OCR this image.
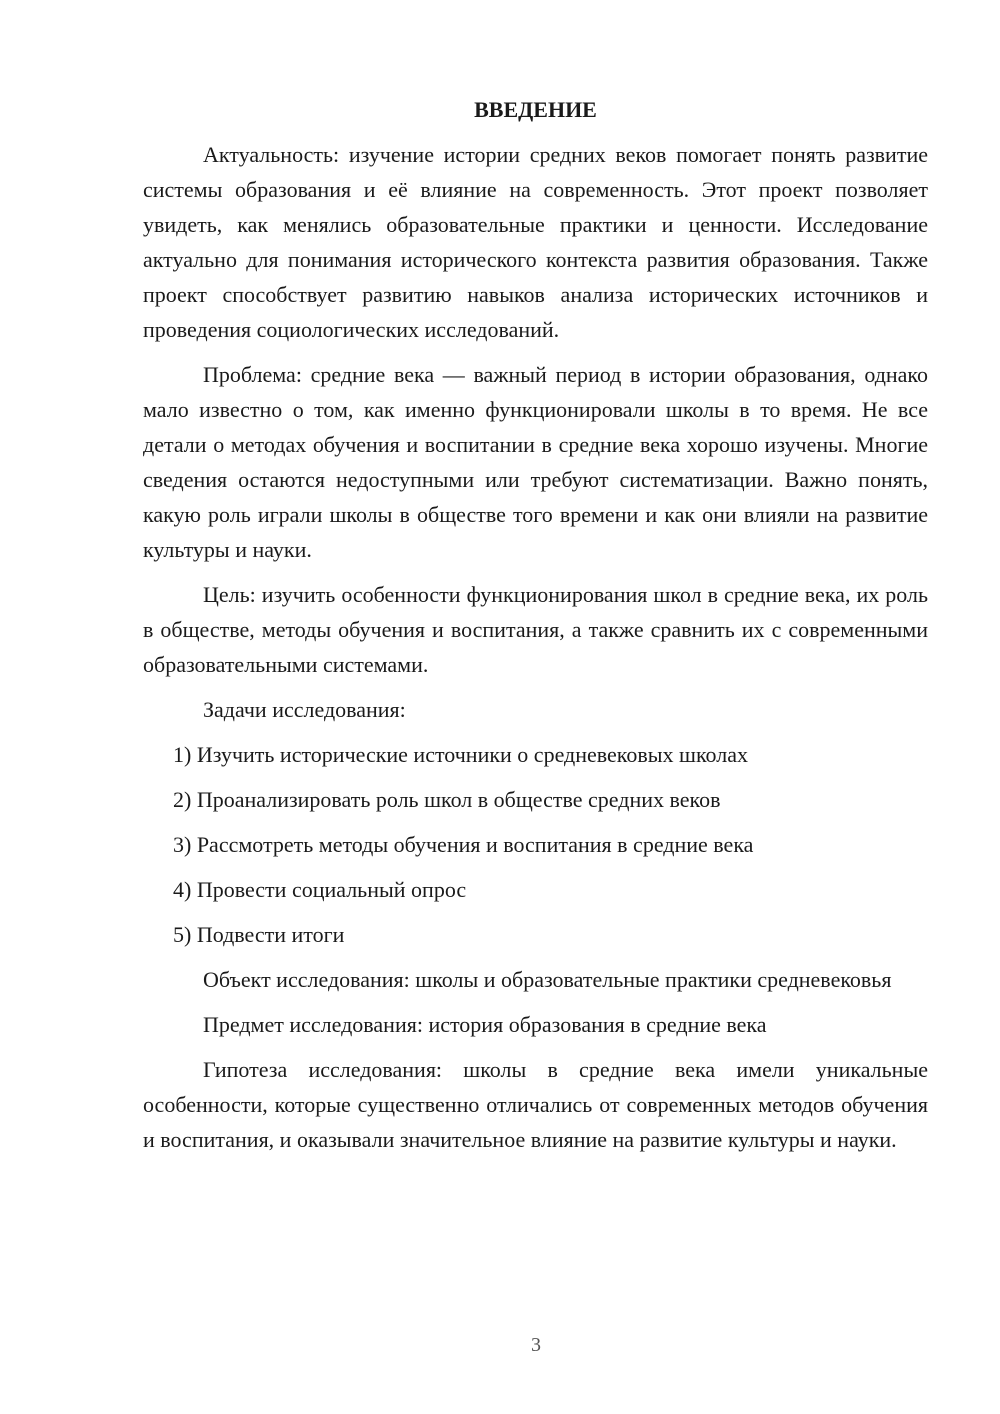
ВВЕДЕНИЕ

Актуальность: изучение истории средних веков помогает понять развитие системы образования и её влияние на современность. Этот проект позволяет увидеть, как менялись образовательные практики и ценности. Исследование актуально для понимания исторического контекста развития образования. Также проект способствует развитию навыков анализа исторических источников и проведения социологических исследований.

Проблема: средние века — важный период в истории образования, однако мало известно о том, как именно функционировали школы в то время. Не все детали о методах обучения и воспитании в средние века хорошо изучены. Многие сведения остаются недоступными или требуют систематизации. Важно понять, какую роль играли школы в обществе того времени и как они влияли на развитие культуры и науки.

Цель: изучить особенности функционирования школ в средние века, их роль в обществе, методы обучения и воспитания, а также сравнить их с современными образовательными системами.

Задачи исследования:

1) Изучить исторические источники о средневековых школах
2) Проанализировать роль школ в обществе средних веков
3) Рассмотреть методы обучения и воспитания в средние века
4) Провести социальный опрос
5) Подвести итоги

Объект исследования: школы и образовательные практики средневековья

Предмет исследования: история образования в средние века

Гипотеза исследования: школы в средние века имели уникальные особенности, которые существенно отличались от современных методов обучения и воспитания, и оказывали значительное влияние на развитие культуры и науки.

3
